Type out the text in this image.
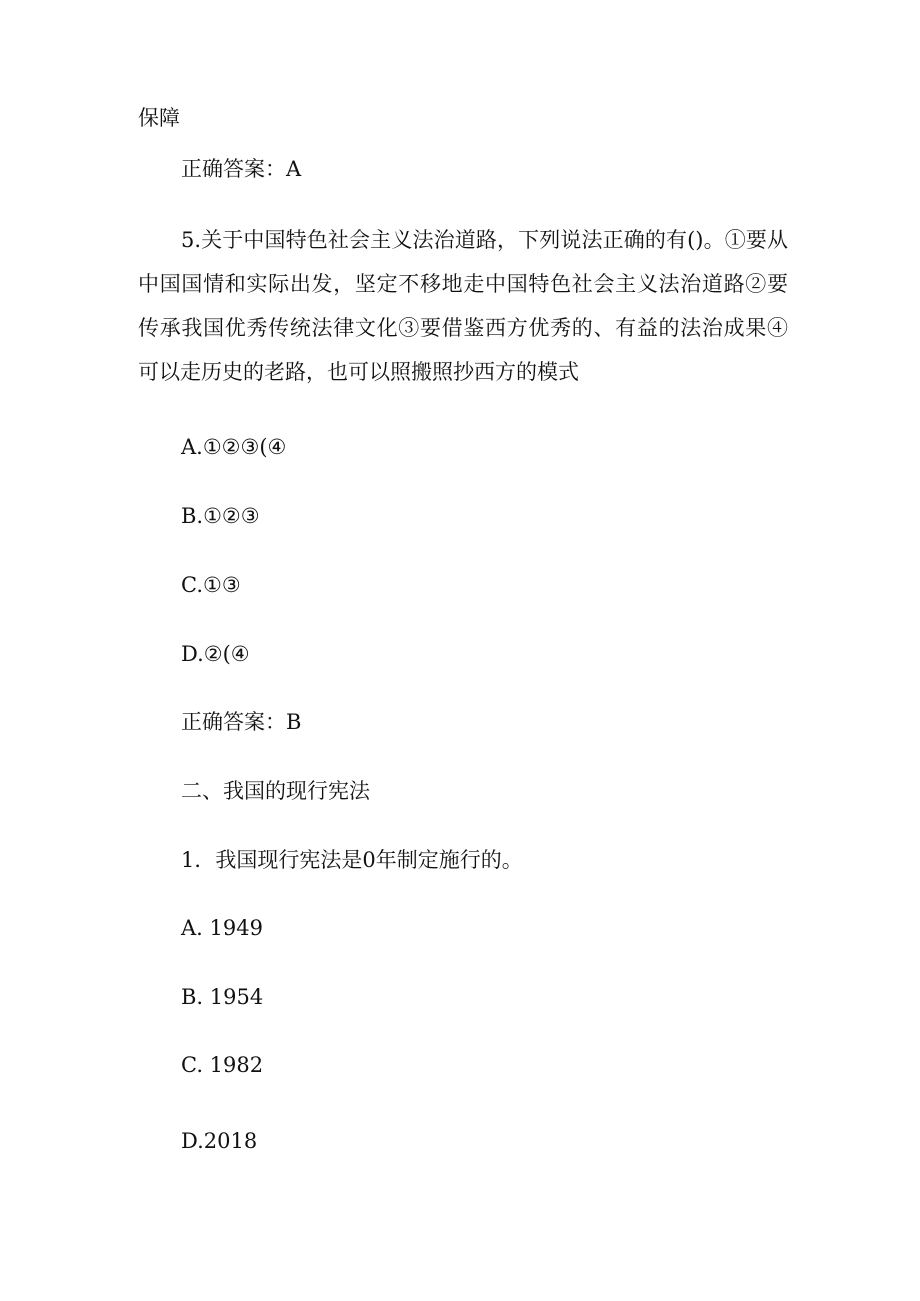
保障
正确答案：A
5.关于中国特色社会主义法治道路，下列说法正确的有()。①要从中国国情和实际出发，坚定不移地走中国特色社会主义法治道路②要传承我国优秀传统法律文化③要借鉴西方优秀的、有益的法治成果④可以走历史的老路，也可以照搬照抄西方的模式
A.①②③(④
B.①②③
C.①③
D.②(④
正确答案：B
二、我国的现行宪法
1．我国现行宪法是0年制定施行的。
A. 1949
B. 1954
C. 1982
D.2018
